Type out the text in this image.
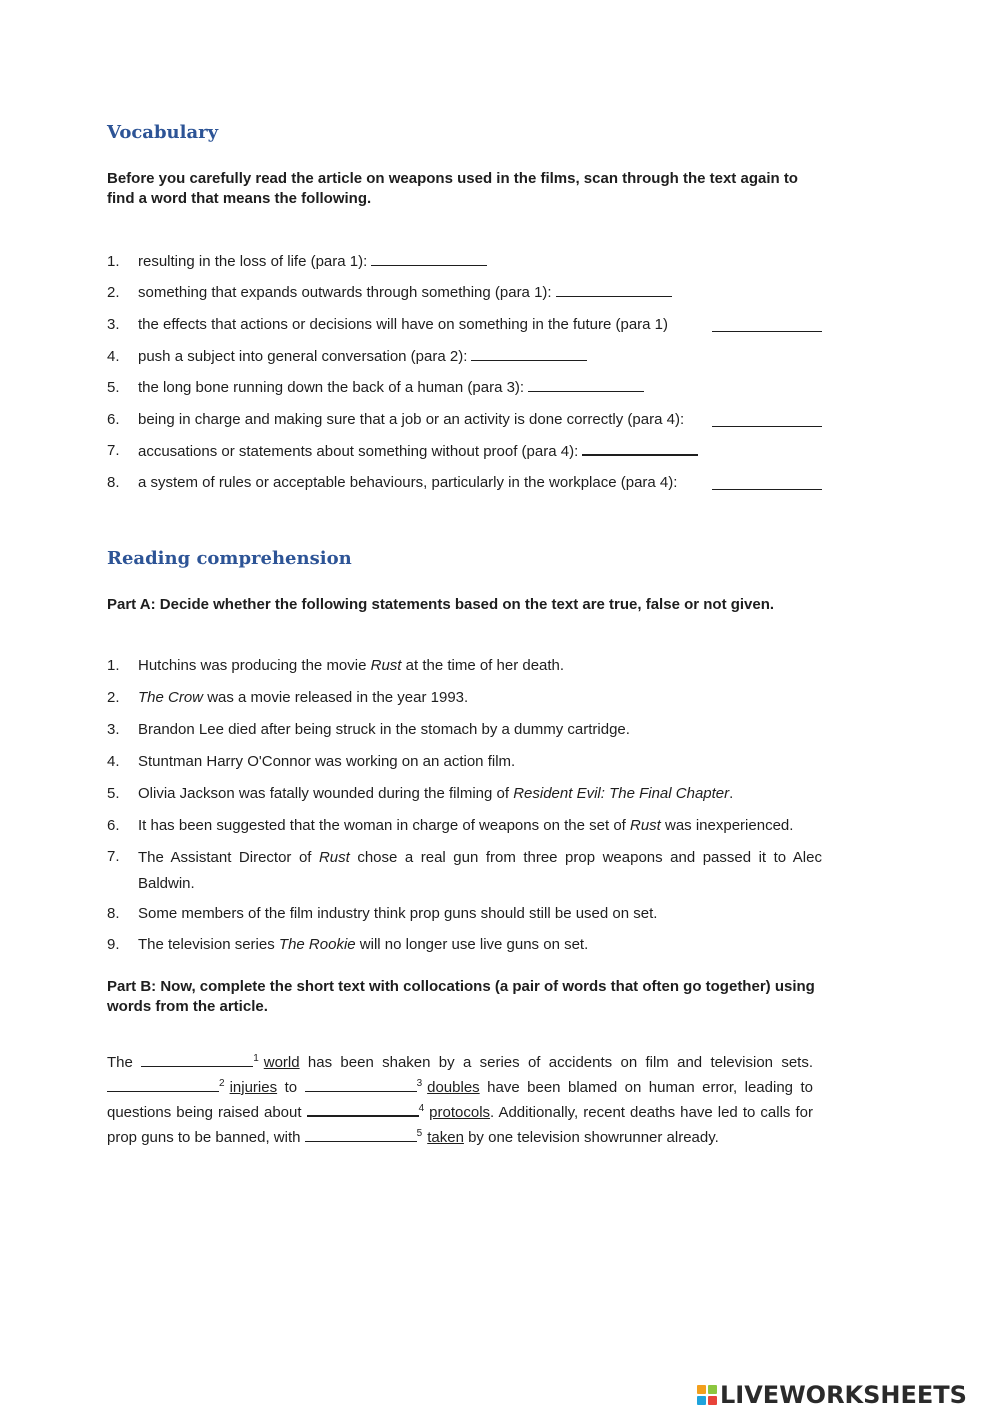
Vocabulary

Before you carefully read the article on weapons used in the films, scan through the text again to find a word that means the following.

1.	resulting in the loss of life (para 1):
2.	something that expands outwards through something (para 1):
3.	the effects that actions or decisions will have on something in the future (para 1)
4.	push a subject into general conversation (para 2):
5.	the long bone running down the back of a human (para 3):
6.	being in charge and making sure that a job or an activity is done correctly (para 4):
7.	accusations or statements about something without proof (para 4):
8.	a system of rules or acceptable behaviours, particularly in the workplace (para 4):
Reading comprehension

Part A: Decide whether the following statements based on the text are true, false or not given.

1.	Hutchins was producing the movie Rust at the time of her death.
2.	The Crow was a movie released in the year 1993.
3.	Brandon Lee died after being struck in the stomach by a dummy cartridge.
4.	Stuntman Harry O'Connor was working on an action film.
5.	Olivia Jackson was fatally wounded during the filming of Resident Evil: The Final Chapter.
6.	It has been suggested that the woman in charge of weapons on the set of Rust was inexperienced.
7.	The Assistant Director of Rust chose a real gun from three prop weapons and passed it to Alec Baldwin.
8.	Some members of the film industry think prop guns should still be used on set.
9.	The television series The Rookie will no longer use live guns on set.

Part B: Now, complete the short text with collocations (a pair of words that often go together) using words from the article.

The	$^1$ world has been shaken by a series of accidents on film and television sets. $^2$ injuries to	$^3$ doubles have been blamed on human error, leading to questions being raised about	$^4$ protocols. Additionally, recent deaths have led to calls for prop guns to be banned, with	$^5$ taken by one television showrunner already.
LIVEWORKSHEETS
